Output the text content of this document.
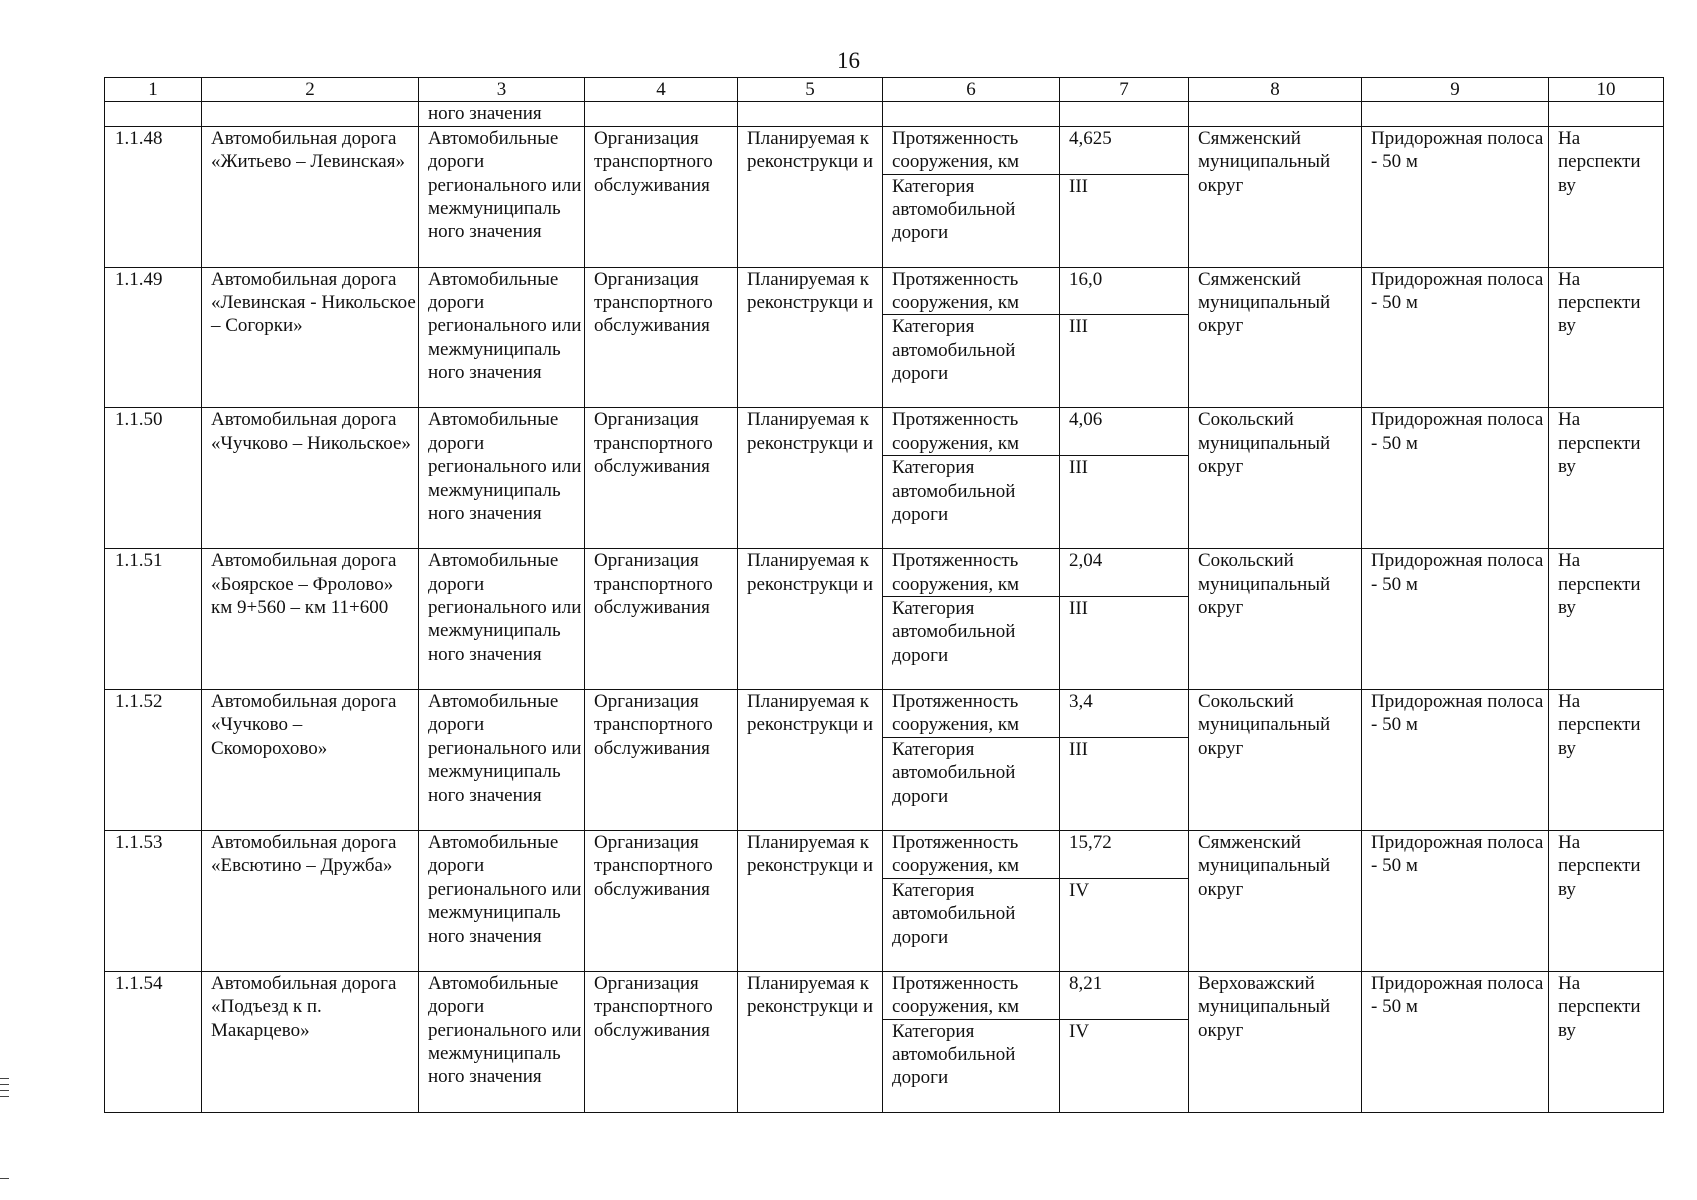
16
1	2	3	4	5	6	7	8	9	10
		ного значения							
1.1.48	Автомобильная дорога «Житьево – Левинская»	Автомобильные дороги регионального или межмуниципаль ного значения	Организация транспортного обслуживания	Планируемая к реконструкци и	Протяженность сооружения, км	4,625	Сямженский муниципальный округ	Придорожная полоса - 50 м	На перспекти ву
					Категория автомобильной дороги	III			
1.1.49	Автомобильная дорога «Левинская - Никольское – Согорки»	Автомобильные дороги регионального или межмуниципаль ного значения	Организация транспортного обслуживания	Планируемая к реконструкци и	Протяженность сооружения, км	16,0	Сямженский муниципальный округ	Придорожная полоса - 50 м	На перспекти ву
					Категория автомобильной дороги	III			
1.1.50	Автомобильная дорога «Чучково – Никольское»	Автомобильные дороги регионального или межмуниципаль ного значения	Организация транспортного обслуживания	Планируемая к реконструкци и	Протяженность сооружения, км	4,06	Сокольский муниципальный округ	Придорожная полоса - 50 м	На перспекти ву
					Категория автомобильной дороги	III			
1.1.51	Автомобильная дорога «Боярское – Фролово» км 9+560 – км 11+600	Автомобильные дороги регионального или межмуниципаль ного значения	Организация транспортного обслуживания	Планируемая к реконструкци и	Протяженность сооружения, км	2,04	Сокольский муниципальный округ	Придорожная полоса - 50 м	На перспекти ву
					Категория автомобильной дороги	III			
1.1.52	Автомобильная дорога «Чучково – Скоморохово»	Автомобильные дороги регионального или межмуниципаль ного значения	Организация транспортного обслуживания	Планируемая к реконструкци и	Протяженность сооружения, км	3,4	Сокольский муниципальный округ	Придорожная полоса - 50 м	На перспекти ву
					Категория автомобильной дороги	III			
1.1.53	Автомобильная дорога «Евсютино – Дружба»	Автомобильные дороги регионального или межмуниципаль ного значения	Организация транспортного обслуживания	Планируемая к реконструкци и	Протяженность сооружения, км	15,72	Сямженский муниципальный округ	Придорожная полоса - 50 м	На перспекти ву
					Категория автомобильной дороги	IV			
1.1.54	Автомобильная дорога «Подъезд к п. Макарцево»	Автомобильные дороги регионального или межмуниципаль ного значения	Организация транспортного обслуживания	Планируемая к реконструкци и	Протяженность сооружения, км	8,21	Верховажский муниципальный округ	Придорожная полоса - 50 м	На перспекти ву
					Категория автомобильной дороги	IV			
